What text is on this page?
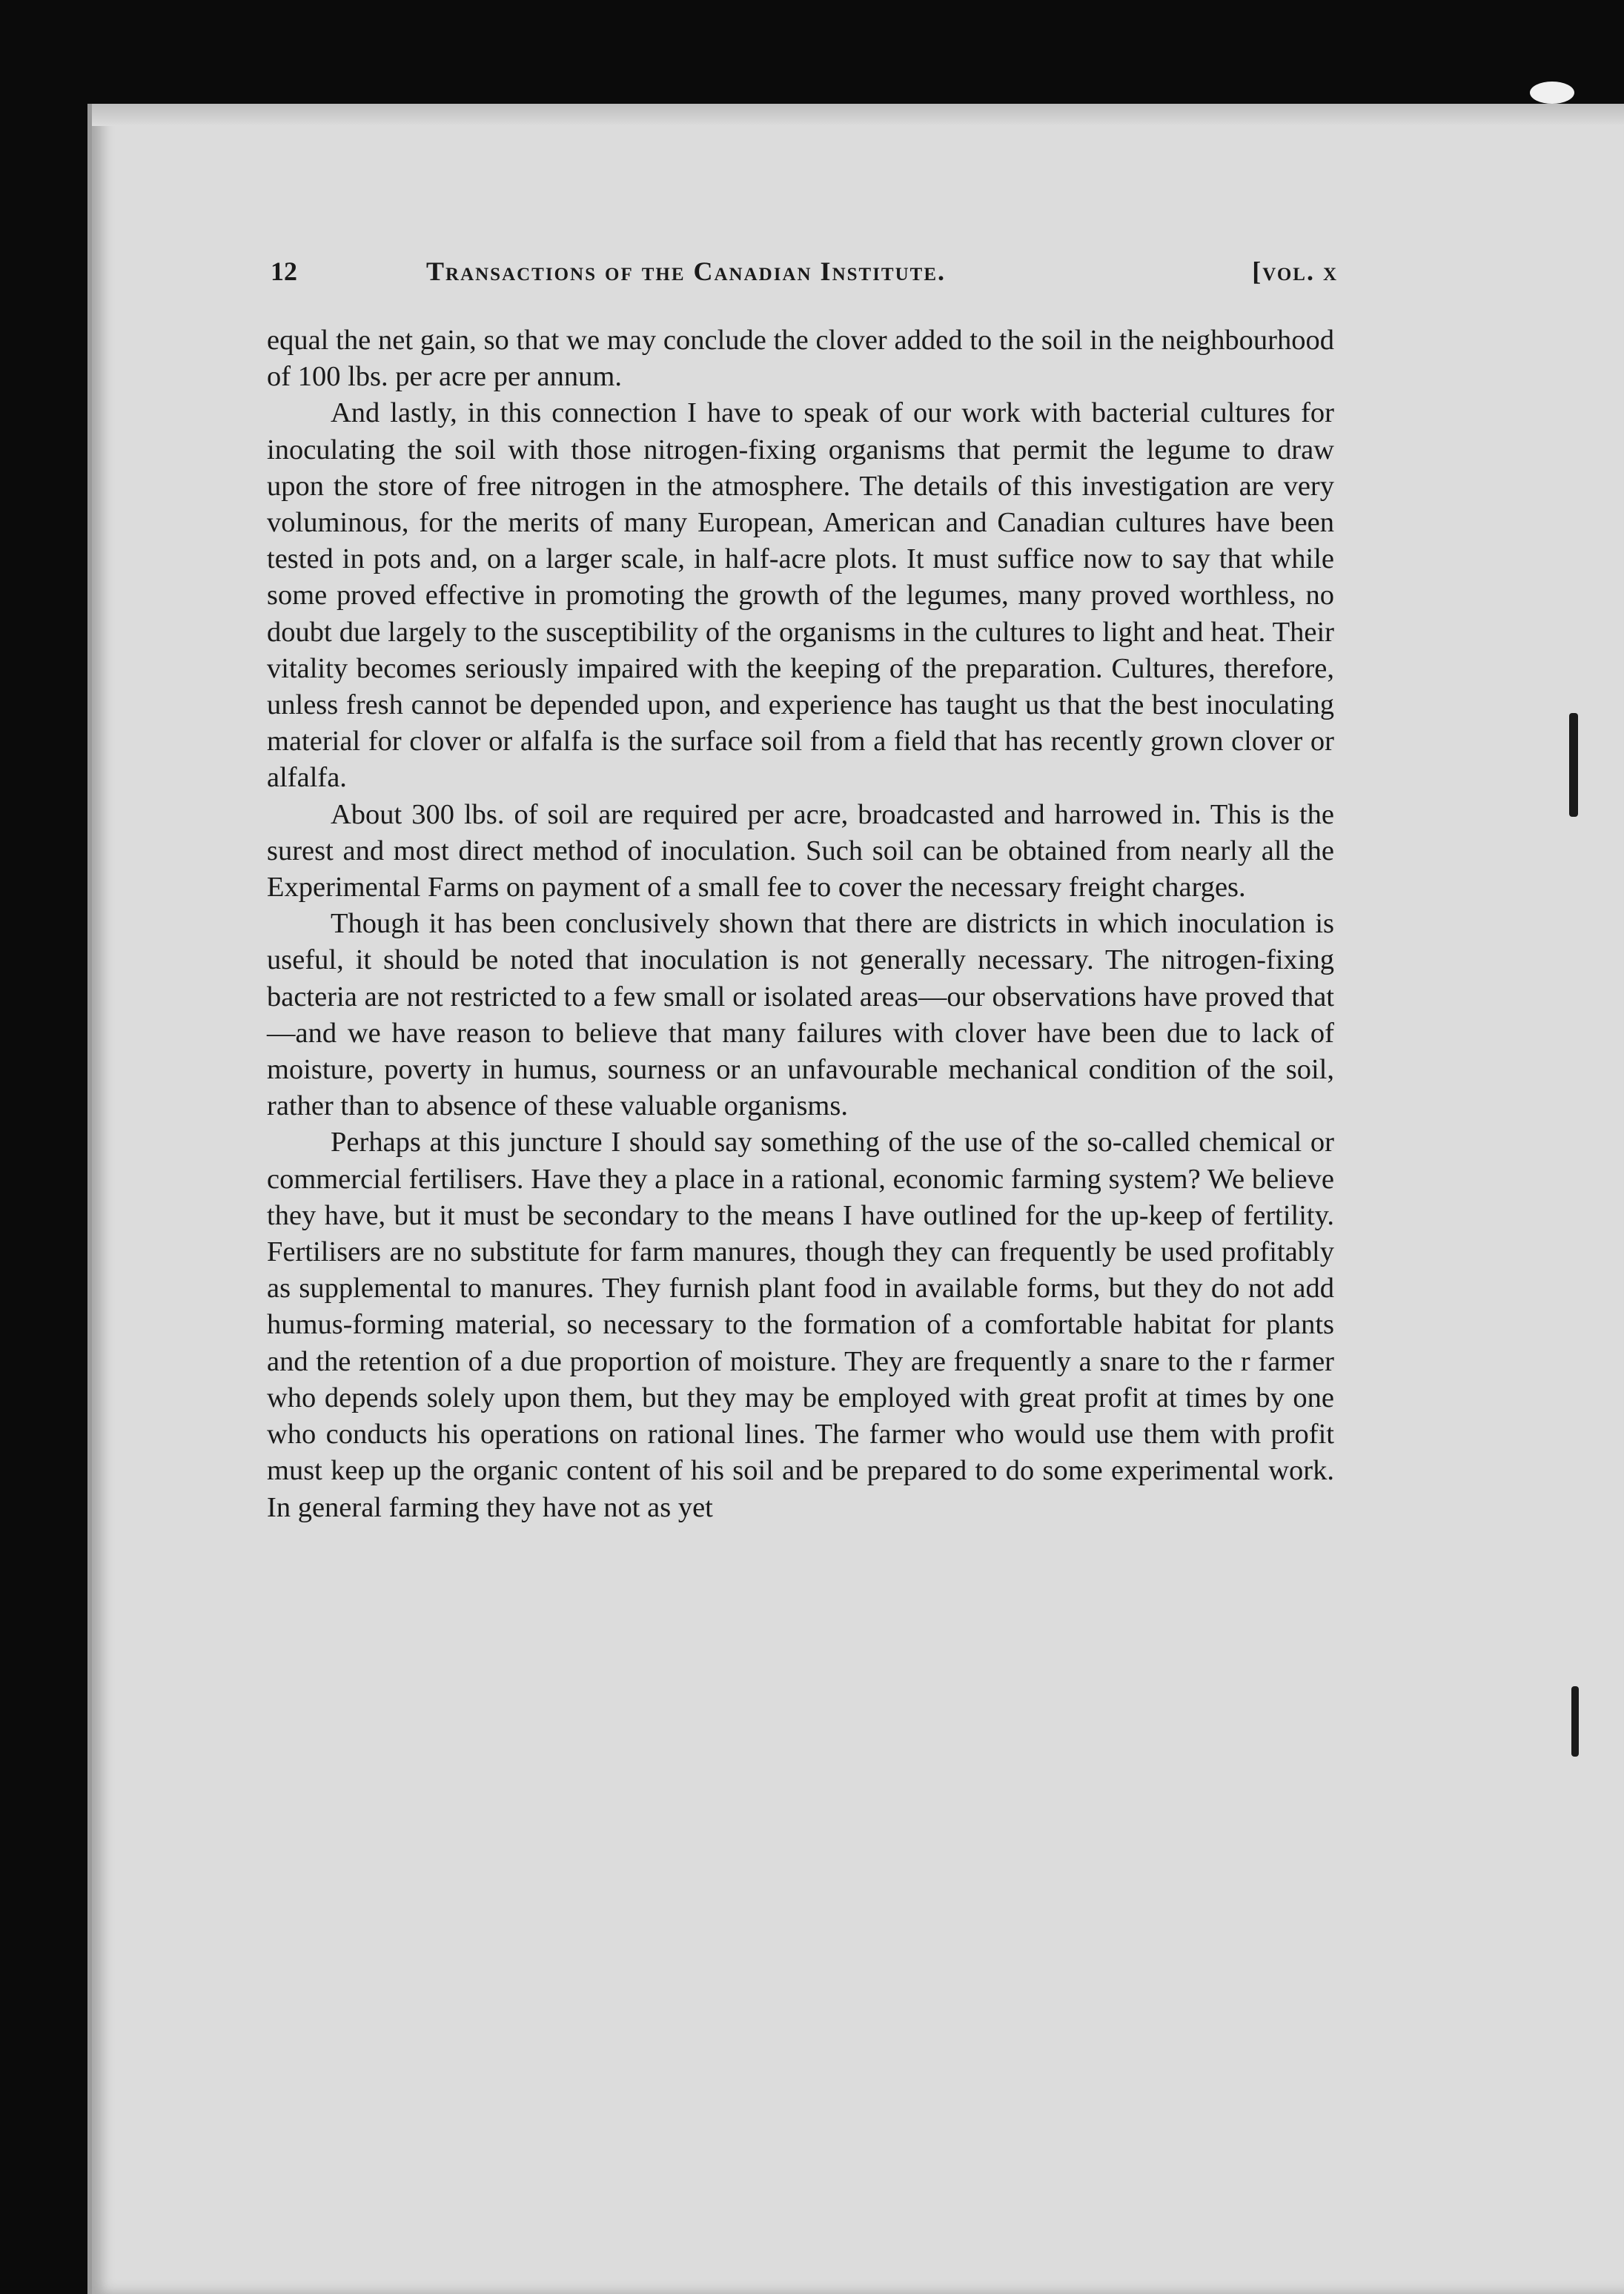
12	Transactions of the Canadian Institute.	[vol. x

equal the net gain, so that we may conclude the clover added to the soil in the neighbourhood of 100 lbs. per acre per annum.

And lastly, in this connection I have to speak of our work with bacterial cultures for inoculating the soil with those nitrogen-fixing organisms that permit the legume to draw upon the store of free nitrogen in the atmosphere. The details of this investigation are very voluminous, for the merits of many European, American and Canadian cultures have been tested in pots and, on a larger scale, in half-acre plots. It must suffice now to say that while some proved effective in promoting the growth of the legumes, many proved worthless, no doubt due largely to the susceptibility of the organisms in the cultures to light and heat. Their vitality becomes seriously impaired with the keeping of the preparation. Cultures, therefore, unless fresh cannot be depended upon, and experience has taught us that the best inoculating material for clover or alfalfa is the surface soil from a field that has recently grown clover or alfalfa.

About 300 lbs. of soil are required per acre, broadcasted and harrowed in. This is the surest and most direct method of inoculation. Such soil can be obtained from nearly all the Experimental Farms on payment of a small fee to cover the necessary freight charges.

Though it has been conclusively shown that there are districts in which inoculation is useful, it should be noted that inoculation is not generally necessary. The nitrogen-fixing bacteria are not restricted to a few small or isolated areas—our observations have proved that—and we have reason to believe that many failures with clover have been due to lack of moisture, poverty in humus, sourness or an unfavourable mechanical condition of the soil, rather than to absence of these valuable organisms.

Perhaps at this juncture I should say something of the use of the so-called chemical or commercial fertilisers. Have they a place in a rational, economic farming system? We believe they have, but it must be secondary to the means I have outlined for the up-keep of fertility. Fertilisers are no substitute for farm manures, though they can frequently be used profitably as supplemental to manures. They furnish plant food in available forms, but they do not add humus-forming material, so necessary to the formation of a comfortable habitat for plants and the retention of a due proportion of moisture. They are frequently a snare to the r farmer who depends solely upon them, but they may be employed with great profit at times by one who conducts his operations on rational lines. The farmer who would use them with profit must keep up the organic content of his soil and be prepared to do some experimental work. In general farming they have not as yet
